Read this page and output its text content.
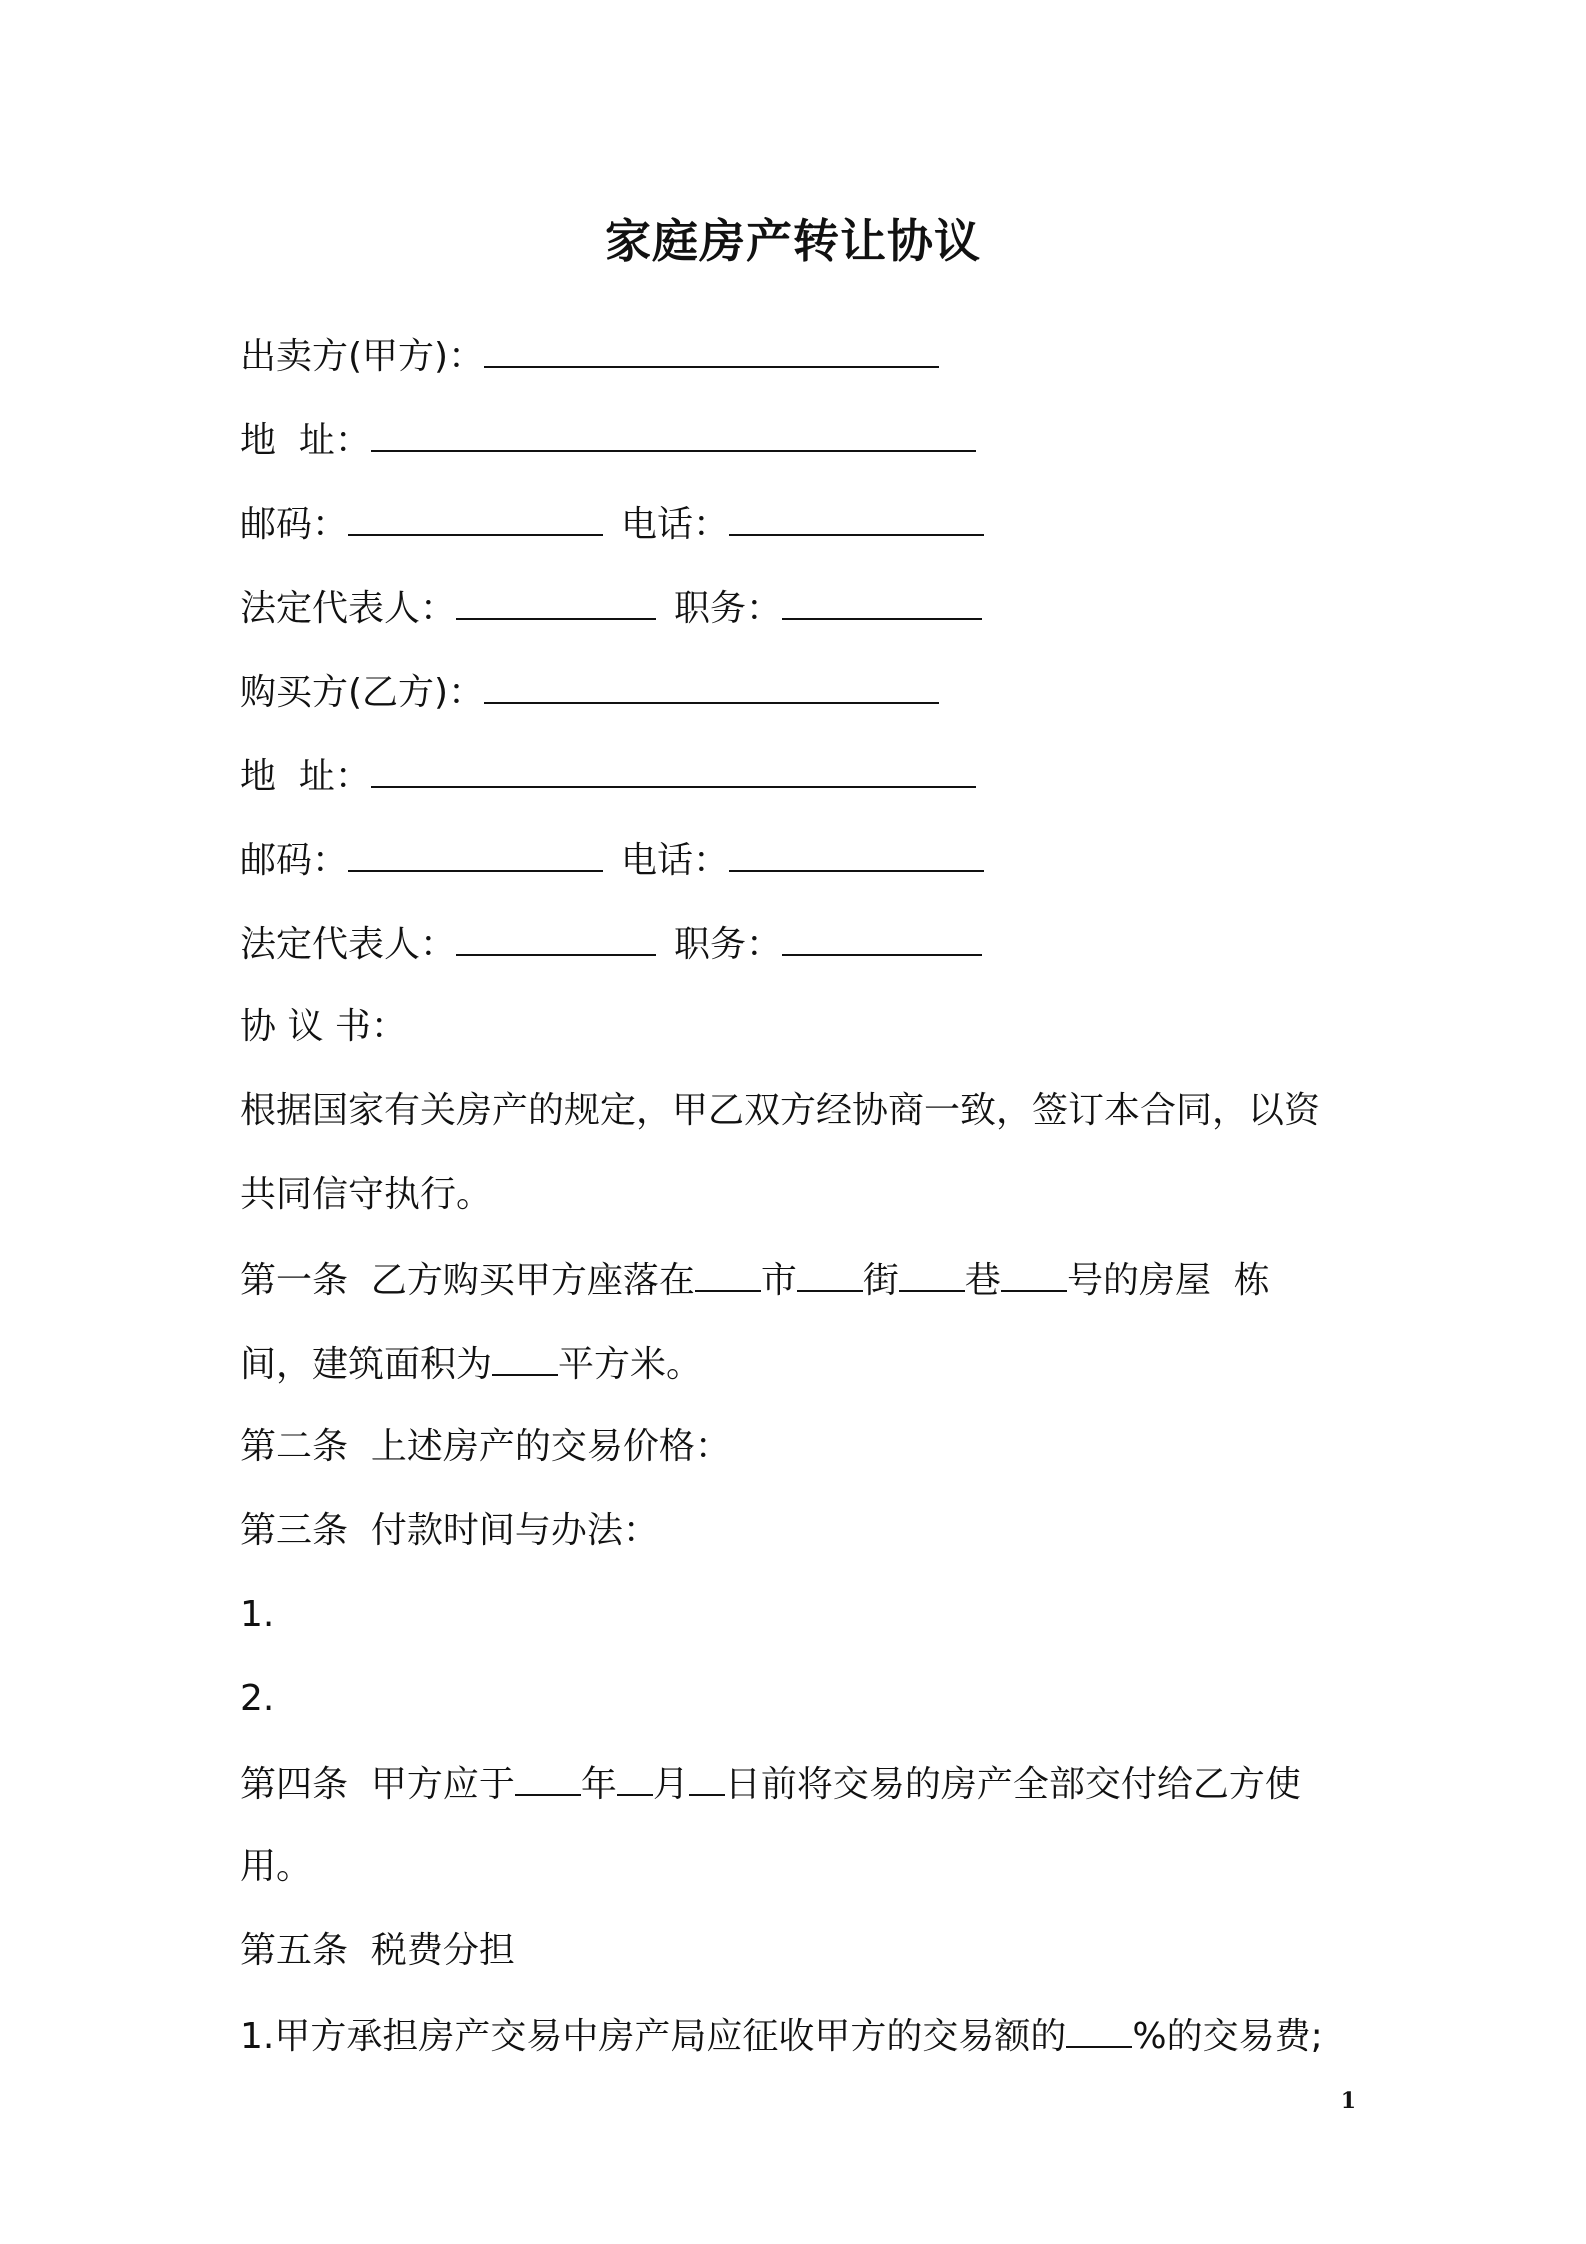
家庭房产转让协议
出卖方(甲方)：
地  址：
邮码：	电话：
法定代表人：	职务：
购买方(乙方)：
地  址：
邮码：	电话：
法定代表人：	职务：
协 议 书：
根据国家有关房产的规定，甲乙双方经协商一致，签订本合同，以资
共同信守执行。
第一条  乙方购买甲方座落在 市 街 巷 号的房屋  栋
间，建筑面积为 平方米。
第二条  上述房产的交易价格：
第三条  付款时间与办法：
1.
2.
第四条  甲方应于 年 月 日前将交易的房产全部交付给乙方使
用。
第五条  税费分担
1.甲方承担房产交易中房产局应征收甲方的交易额的 %的交易费;
1
